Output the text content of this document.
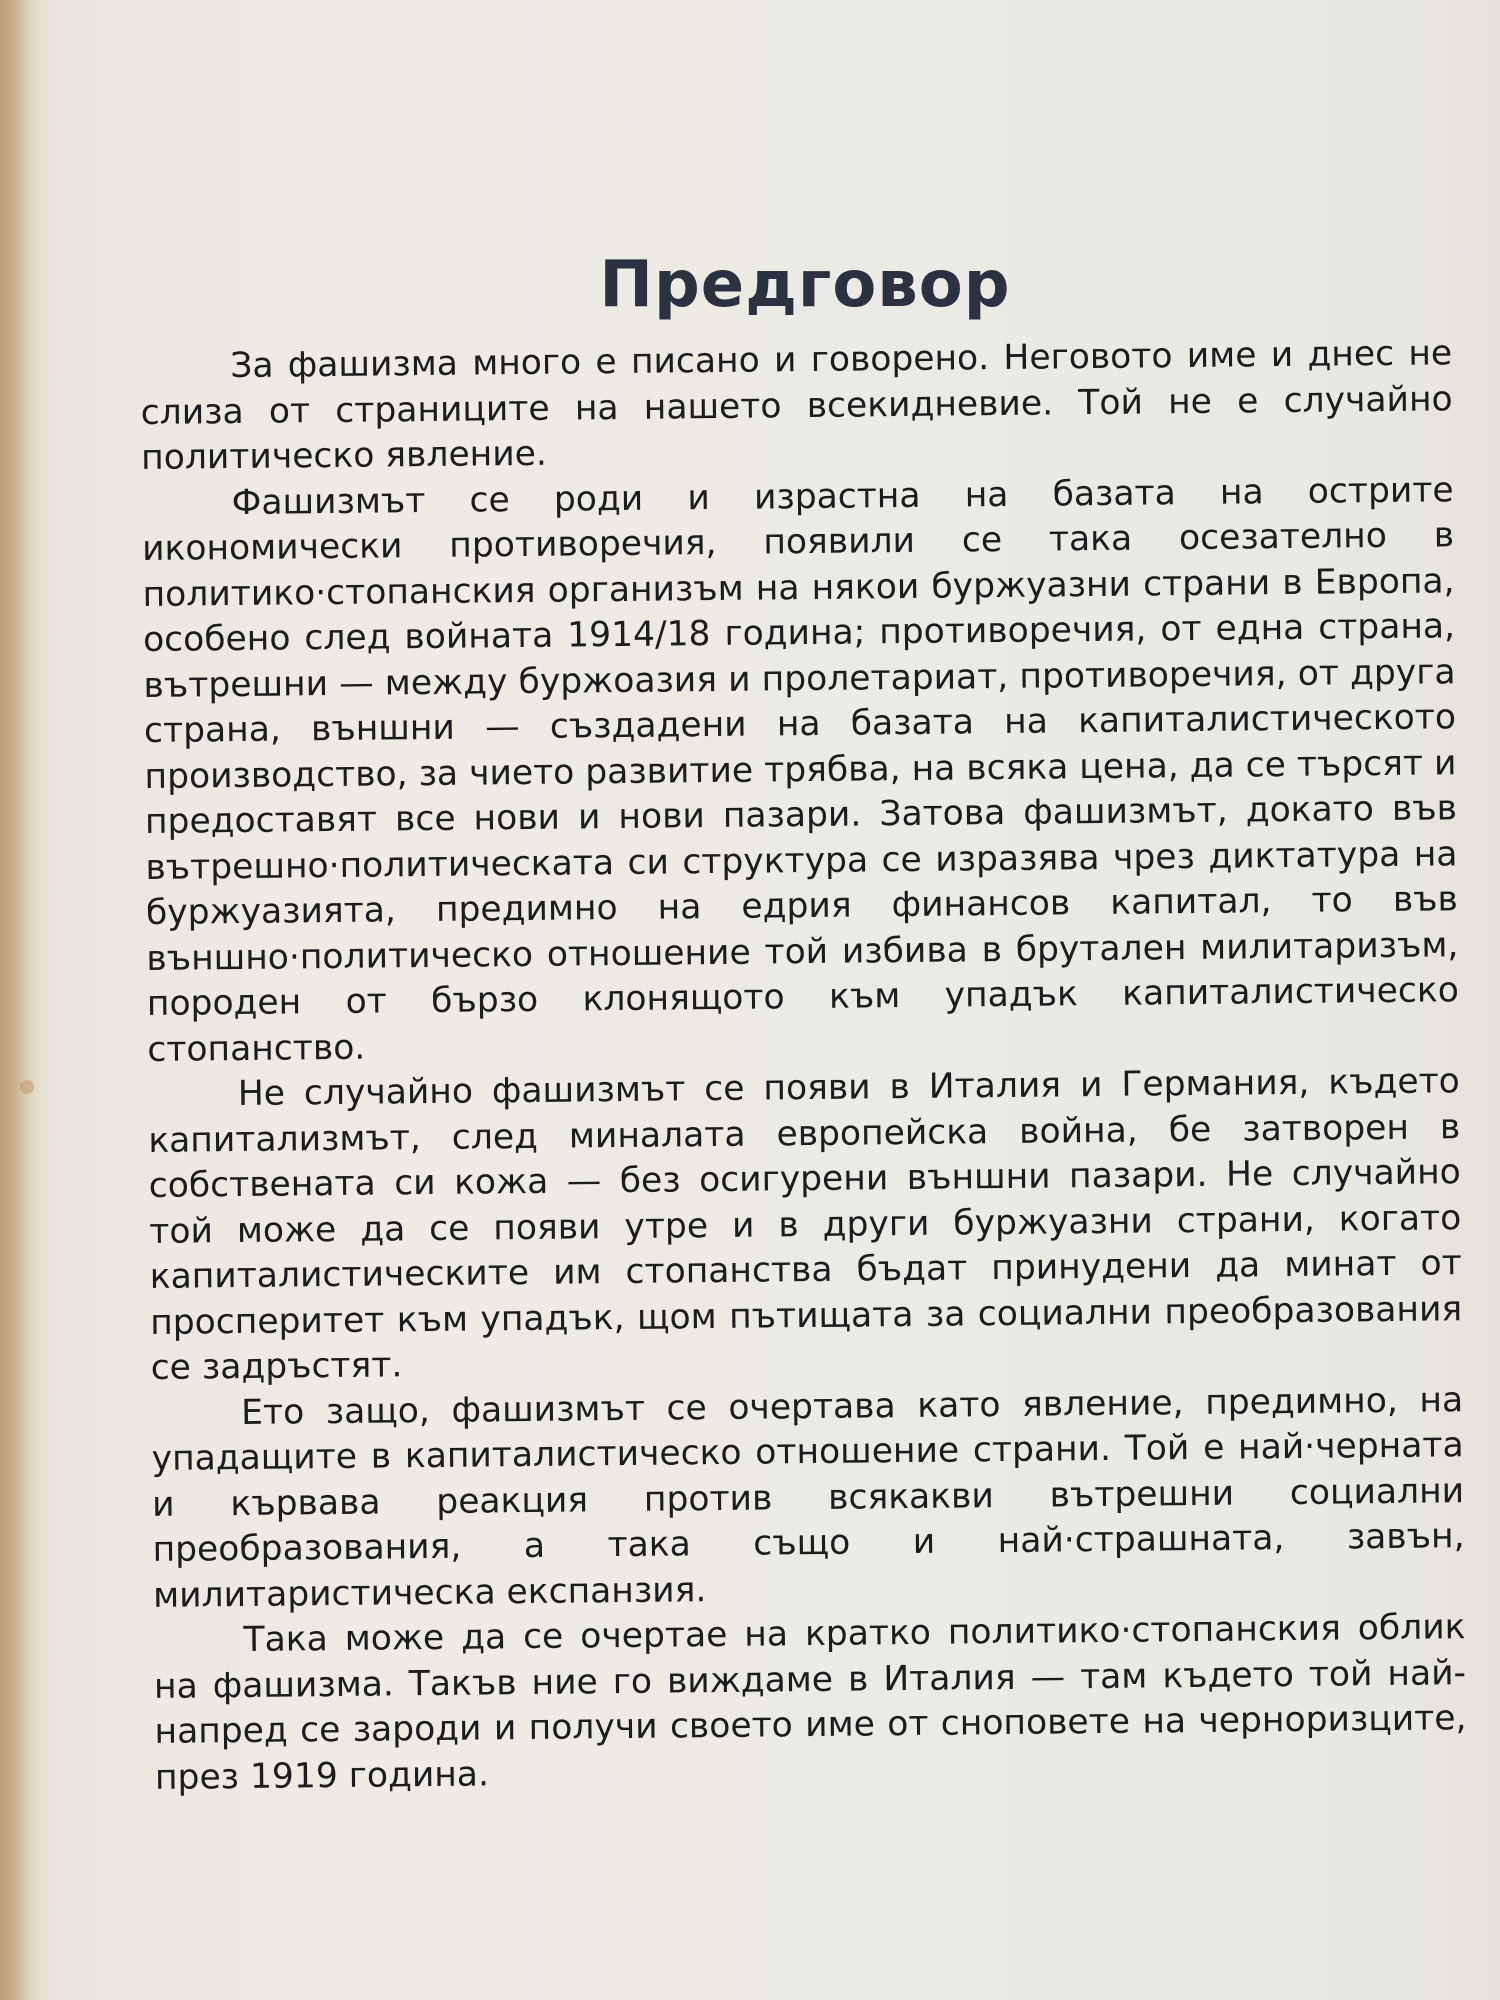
Предговор

За фашизма много е писано и говорено. Неговото име и днес не слиза от страниците на нашето всекидневие. Той не е случайно политическо явление.

Фашизмът се роди и израстна на базата на острите икономически противоречия, появили се така осезателно в политико·стопанския организъм на някои буржуазни страни в Европа, особено след войната 1914/18 година; противоречия, от една страна, вътрешни — между буржоазия и пролетариат, противоречия, от друга страна, външни — създадени на базата на капиталистическото производство, за чието развитие трябва, на всяка цена, да се търсят и предоставят все нови и нови пазари. Затова фашизмът, докато във вътрешно·политическата си структура се изразява чрез диктатура на буржуазията, предимно на едрия финансов капитал, то във външно·политическо отношение той избива в брутален милитаризъм, породен от бързо клонящото към упадък капиталистическо стопанство.

Не случайно фашизмът се появи в Италия и Германия, където капитализмът, след миналата европейска война, бе затворен в собствената си кожа — без осигурени външни пазари. Не случайно той може да се появи утре и в други буржуазни страни, когато капиталистическите им стопанства бъдат принудени да минат от просперитет към упадък, щом пътищата за социални преобразования се задръстят.

Ето защо, фашизмът се очертава като явление, предимно, на упадащите в капиталистическо отношение страни. Той е най·черната и кървава реакция против всякакви вътрешни социални преобразования, а така също и най·страшната, завън, милитаристическа експанзия.

Така може да се очертае на кратко политико·стопанския облик на фашизма. Такъв ние го виждаме в Италия — там където той най-напред се зароди и получи своето име от сноповете на черноризците, през 1919 година.
